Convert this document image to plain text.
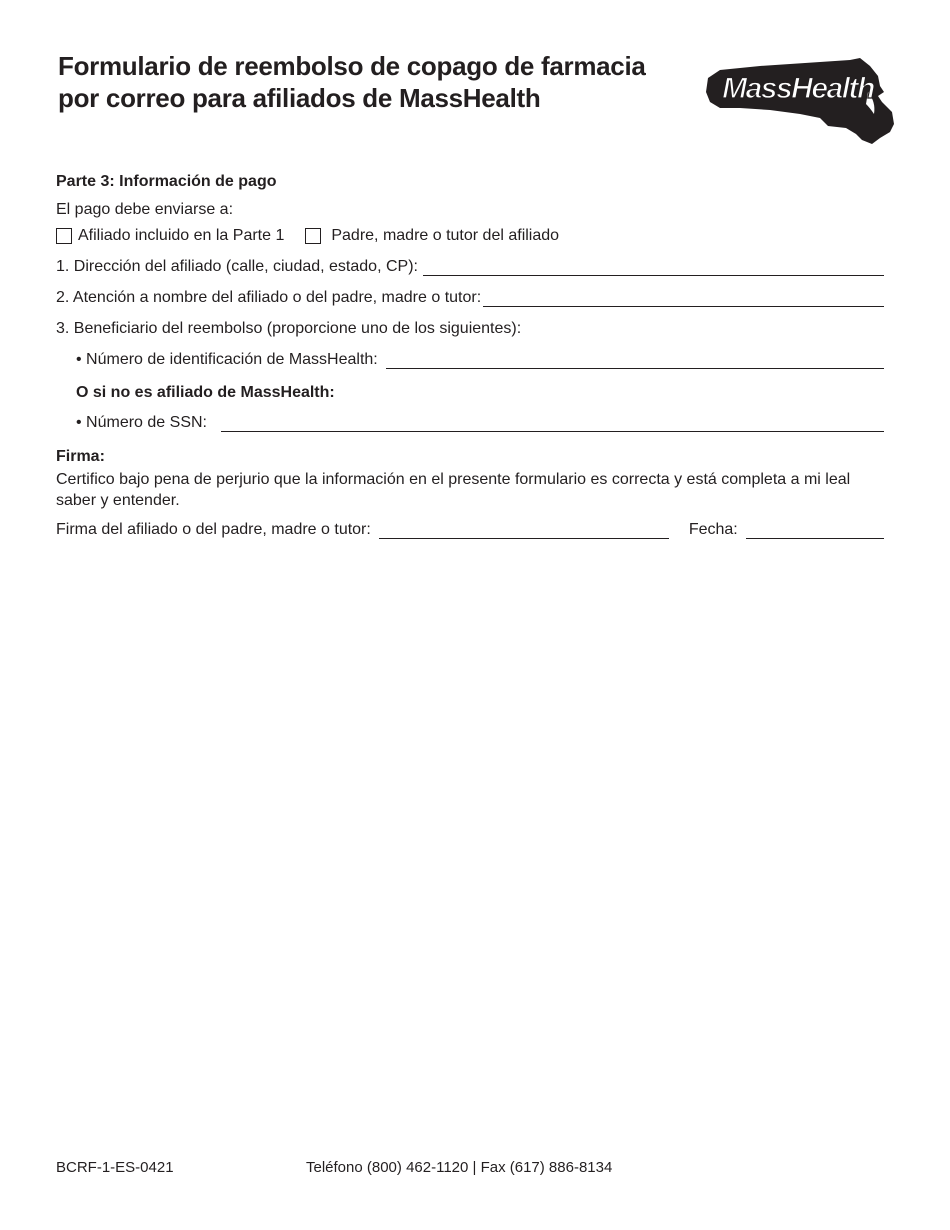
Formulario de reembolso de copago de farmacia
por correo para afiliados de MassHealth	MassHealth
Parte 3: Información de pago
El pago debe enviarse a:
Afiliado incluido en la Parte 1	Padre, madre o tutor del afiliado
1. Dirección del afiliado (calle, ciudad, estado, CP):
2. Atención a nombre del afiliado o del padre, madre o tutor:
3. Beneficiario del reembolso (proporcione uno de los siguientes):
• Número de identificación de MassHealth:
O si no es afiliado de MassHealth:
• Número de SSN:
Firma:
Certifico bajo pena de perjurio que la información en el presente formulario es correcta y está completa a mi leal saber y entender.
Firma del afiliado o del padre, madre o tutor:	Fecha:
BCRF-1-ES-0421	Teléfono (800) 462-1120 | Fax (617) 886-8134
